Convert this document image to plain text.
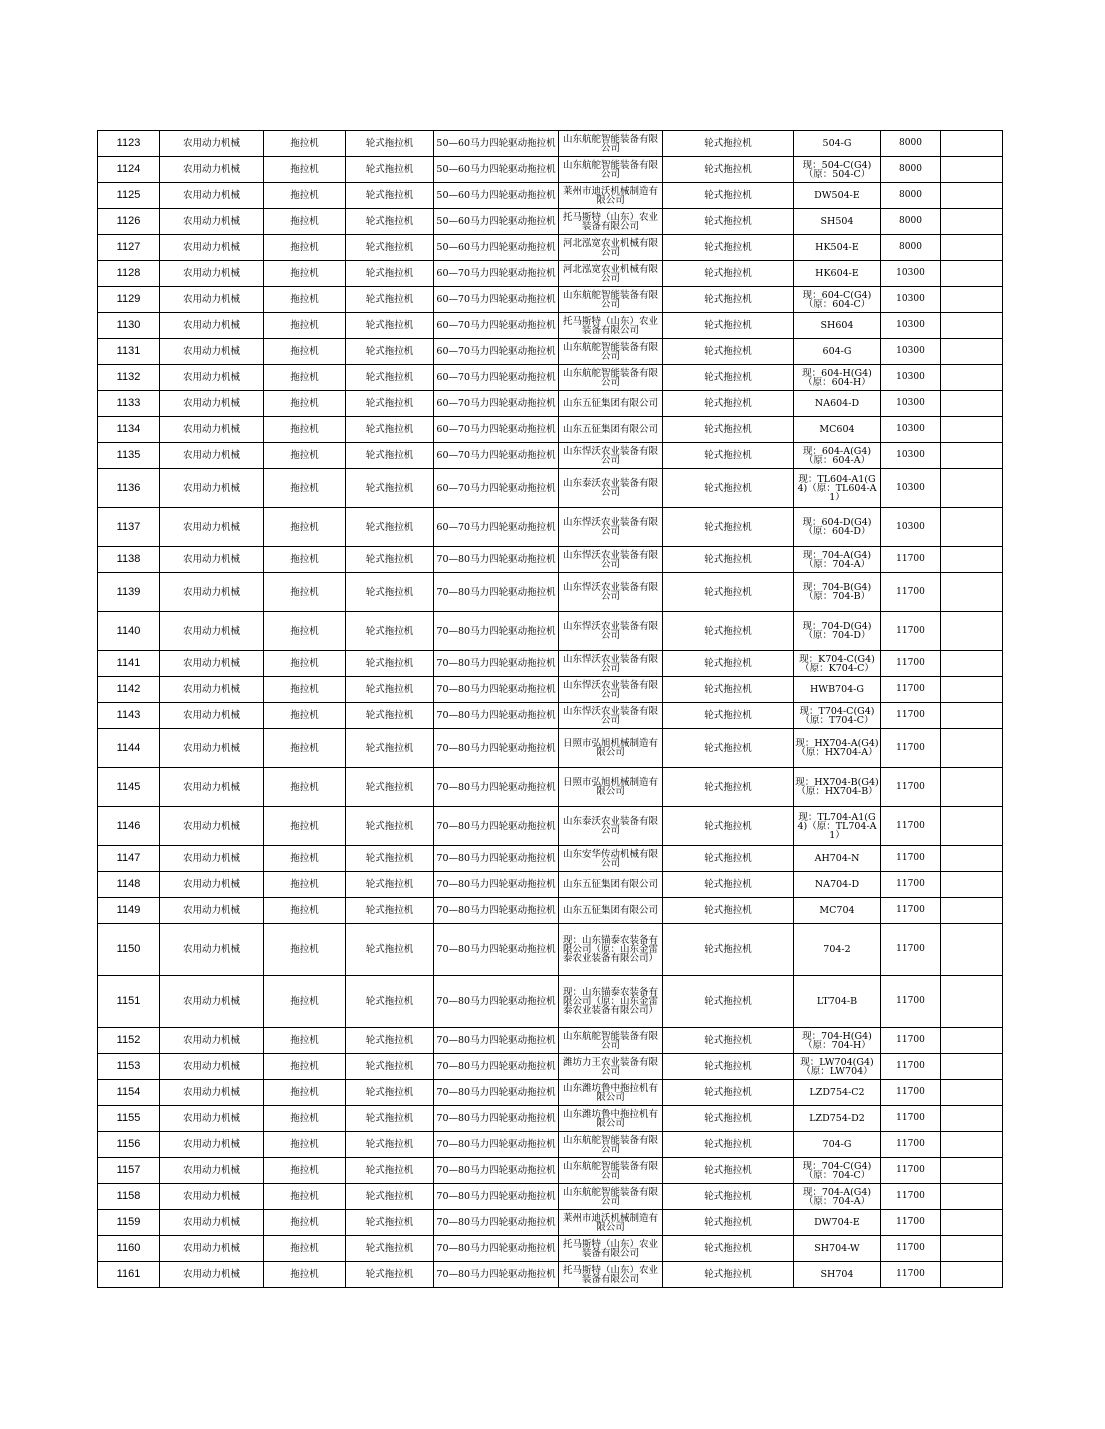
1123	农用动力机械	拖拉机	轮式拖拉机	50—60马力四轮驱动拖拉机	山东航舵智能装备有限公司	轮式拖拉机	504-G	8000	
1124	农用动力机械	拖拉机	轮式拖拉机	50—60马力四轮驱动拖拉机	山东航舵智能装备有限公司	轮式拖拉机	现：504-C(G4)（原：504-C）	8000	
1125	农用动力机械	拖拉机	轮式拖拉机	50—60马力四轮驱动拖拉机	莱州市迪沃机械制造有限公司	轮式拖拉机	DW504-E	8000	
1126	农用动力机械	拖拉机	轮式拖拉机	50—60马力四轮驱动拖拉机	托马斯特（山东）农业装备有限公司	轮式拖拉机	SH504	8000	
1127	农用动力机械	拖拉机	轮式拖拉机	50—60马力四轮驱动拖拉机	河北泓宽农业机械有限公司	轮式拖拉机	HK504-E	8000	
1128	农用动力机械	拖拉机	轮式拖拉机	60—70马力四轮驱动拖拉机	河北泓宽农业机械有限公司	轮式拖拉机	HK604-E	10300	
1129	农用动力机械	拖拉机	轮式拖拉机	60—70马力四轮驱动拖拉机	山东航舵智能装备有限公司	轮式拖拉机	现：604-C(G4)（原：604-C）	10300	
1130	农用动力机械	拖拉机	轮式拖拉机	60—70马力四轮驱动拖拉机	托马斯特（山东）农业装备有限公司	轮式拖拉机	SH604	10300	
1131	农用动力机械	拖拉机	轮式拖拉机	60—70马力四轮驱动拖拉机	山东航舵智能装备有限公司	轮式拖拉机	604-G	10300	
1132	农用动力机械	拖拉机	轮式拖拉机	60—70马力四轮驱动拖拉机	山东航舵智能装备有限公司	轮式拖拉机	现：604-H(G4)（原：604-H）	10300	
1133	农用动力机械	拖拉机	轮式拖拉机	60—70马力四轮驱动拖拉机	山东五征集团有限公司	轮式拖拉机	NA604-D	10300	
1134	农用动力机械	拖拉机	轮式拖拉机	60—70马力四轮驱动拖拉机	山东五征集团有限公司	轮式拖拉机	MC604	10300	
1135	农用动力机械	拖拉机	轮式拖拉机	60—70马力四轮驱动拖拉机	山东悍沃农业装备有限公司	轮式拖拉机	现：604-A(G4)（原：604-A）	10300	
1136	农用动力机械	拖拉机	轮式拖拉机	60—70马力四轮驱动拖拉机	山东泰沃农业装备有限公司	轮式拖拉机	现：TL604-A1(G4)（原：TL604-A1）	10300	
1137	农用动力机械	拖拉机	轮式拖拉机	60—70马力四轮驱动拖拉机	山东悍沃农业装备有限公司	轮式拖拉机	现：604-D(G4)（原：604-D）	10300	
1138	农用动力机械	拖拉机	轮式拖拉机	70—80马力四轮驱动拖拉机	山东悍沃农业装备有限公司	轮式拖拉机	现：704-A(G4)（原：704-A）	11700	
1139	农用动力机械	拖拉机	轮式拖拉机	70—80马力四轮驱动拖拉机	山东悍沃农业装备有限公司	轮式拖拉机	现：704-B(G4)（原：704-B）	11700	
1140	农用动力机械	拖拉机	轮式拖拉机	70—80马力四轮驱动拖拉机	山东悍沃农业装备有限公司	轮式拖拉机	现：704-D(G4)（原：704-D）	11700	
1141	农用动力机械	拖拉机	轮式拖拉机	70—80马力四轮驱动拖拉机	山东悍沃农业装备有限公司	轮式拖拉机	现：K704-C(G4)（原：K704-C）	11700	
1142	农用动力机械	拖拉机	轮式拖拉机	70—80马力四轮驱动拖拉机	山东悍沃农业装备有限公司	轮式拖拉机	HWB704-G	11700	
1143	农用动力机械	拖拉机	轮式拖拉机	70—80马力四轮驱动拖拉机	山东悍沃农业装备有限公司	轮式拖拉机	现：T704-C(G4)（原：T704-C）	11700	
1144	农用动力机械	拖拉机	轮式拖拉机	70—80马力四轮驱动拖拉机	日照市弘旭机械制造有限公司	轮式拖拉机	现：HX704-A(G4)（原：HX704-A）	11700	
1145	农用动力机械	拖拉机	轮式拖拉机	70—80马力四轮驱动拖拉机	日照市弘旭机械制造有限公司	轮式拖拉机	现：HX704-B(G4)（原：HX704-B）	11700	
1146	农用动力机械	拖拉机	轮式拖拉机	70—80马力四轮驱动拖拉机	山东泰沃农业装备有限公司	轮式拖拉机	现：TL704-A1(G4)（原：TL704-A1）	11700	
1147	农用动力机械	拖拉机	轮式拖拉机	70—80马力四轮驱动拖拉机	山东安华传动机械有限公司	轮式拖拉机	AH704-N	11700	
1148	农用动力机械	拖拉机	轮式拖拉机	70—80马力四轮驱动拖拉机	山东五征集团有限公司	轮式拖拉机	NA704-D	11700	
1149	农用动力机械	拖拉机	轮式拖拉机	70—80马力四轮驱动拖拉机	山东五征集团有限公司	轮式拖拉机	MC704	11700	
1150	农用动力机械	拖拉机	轮式拖拉机	70—80马力四轮驱动拖拉机	现：山东锚泰农装备有限公司（原：山东金雷泰农业装备有限公司）	轮式拖拉机	704-2	11700	
1151	农用动力机械	拖拉机	轮式拖拉机	70—80马力四轮驱动拖拉机	现：山东锚泰农装备有限公司（原：山东金雷泰农业装备有限公司）	轮式拖拉机	LT704-B	11700	
1152	农用动力机械	拖拉机	轮式拖拉机	70—80马力四轮驱动拖拉机	山东航舵智能装备有限公司	轮式拖拉机	现：704-H(G4)（原：704-H）	11700	
1153	农用动力机械	拖拉机	轮式拖拉机	70—80马力四轮驱动拖拉机	潍坊力王农业装备有限公司	轮式拖拉机	现：LW704(G4)（原：LW704）	11700	
1154	农用动力机械	拖拉机	轮式拖拉机	70—80马力四轮驱动拖拉机	山东潍坊鲁中拖拉机有限公司	轮式拖拉机	LZD754-C2	11700	
1155	农用动力机械	拖拉机	轮式拖拉机	70—80马力四轮驱动拖拉机	山东潍坊鲁中拖拉机有限公司	轮式拖拉机	LZD754-D2	11700	
1156	农用动力机械	拖拉机	轮式拖拉机	70—80马力四轮驱动拖拉机	山东航舵智能装备有限公司	轮式拖拉机	704-G	11700	
1157	农用动力机械	拖拉机	轮式拖拉机	70—80马力四轮驱动拖拉机	山东航舵智能装备有限公司	轮式拖拉机	现：704-C(G4)（原：704-C）	11700	
1158	农用动力机械	拖拉机	轮式拖拉机	70—80马力四轮驱动拖拉机	山东航舵智能装备有限公司	轮式拖拉机	现：704-A(G4)（原：704-A）	11700	
1159	农用动力机械	拖拉机	轮式拖拉机	70—80马力四轮驱动拖拉机	莱州市迪沃机械制造有限公司	轮式拖拉机	DW704-E	11700	
1160	农用动力机械	拖拉机	轮式拖拉机	70—80马力四轮驱动拖拉机	托马斯特（山东）农业装备有限公司	轮式拖拉机	SH704-W	11700	
1161	农用动力机械	拖拉机	轮式拖拉机	70—80马力四轮驱动拖拉机	托马斯特（山东）农业装备有限公司	轮式拖拉机	SH704	11700	
